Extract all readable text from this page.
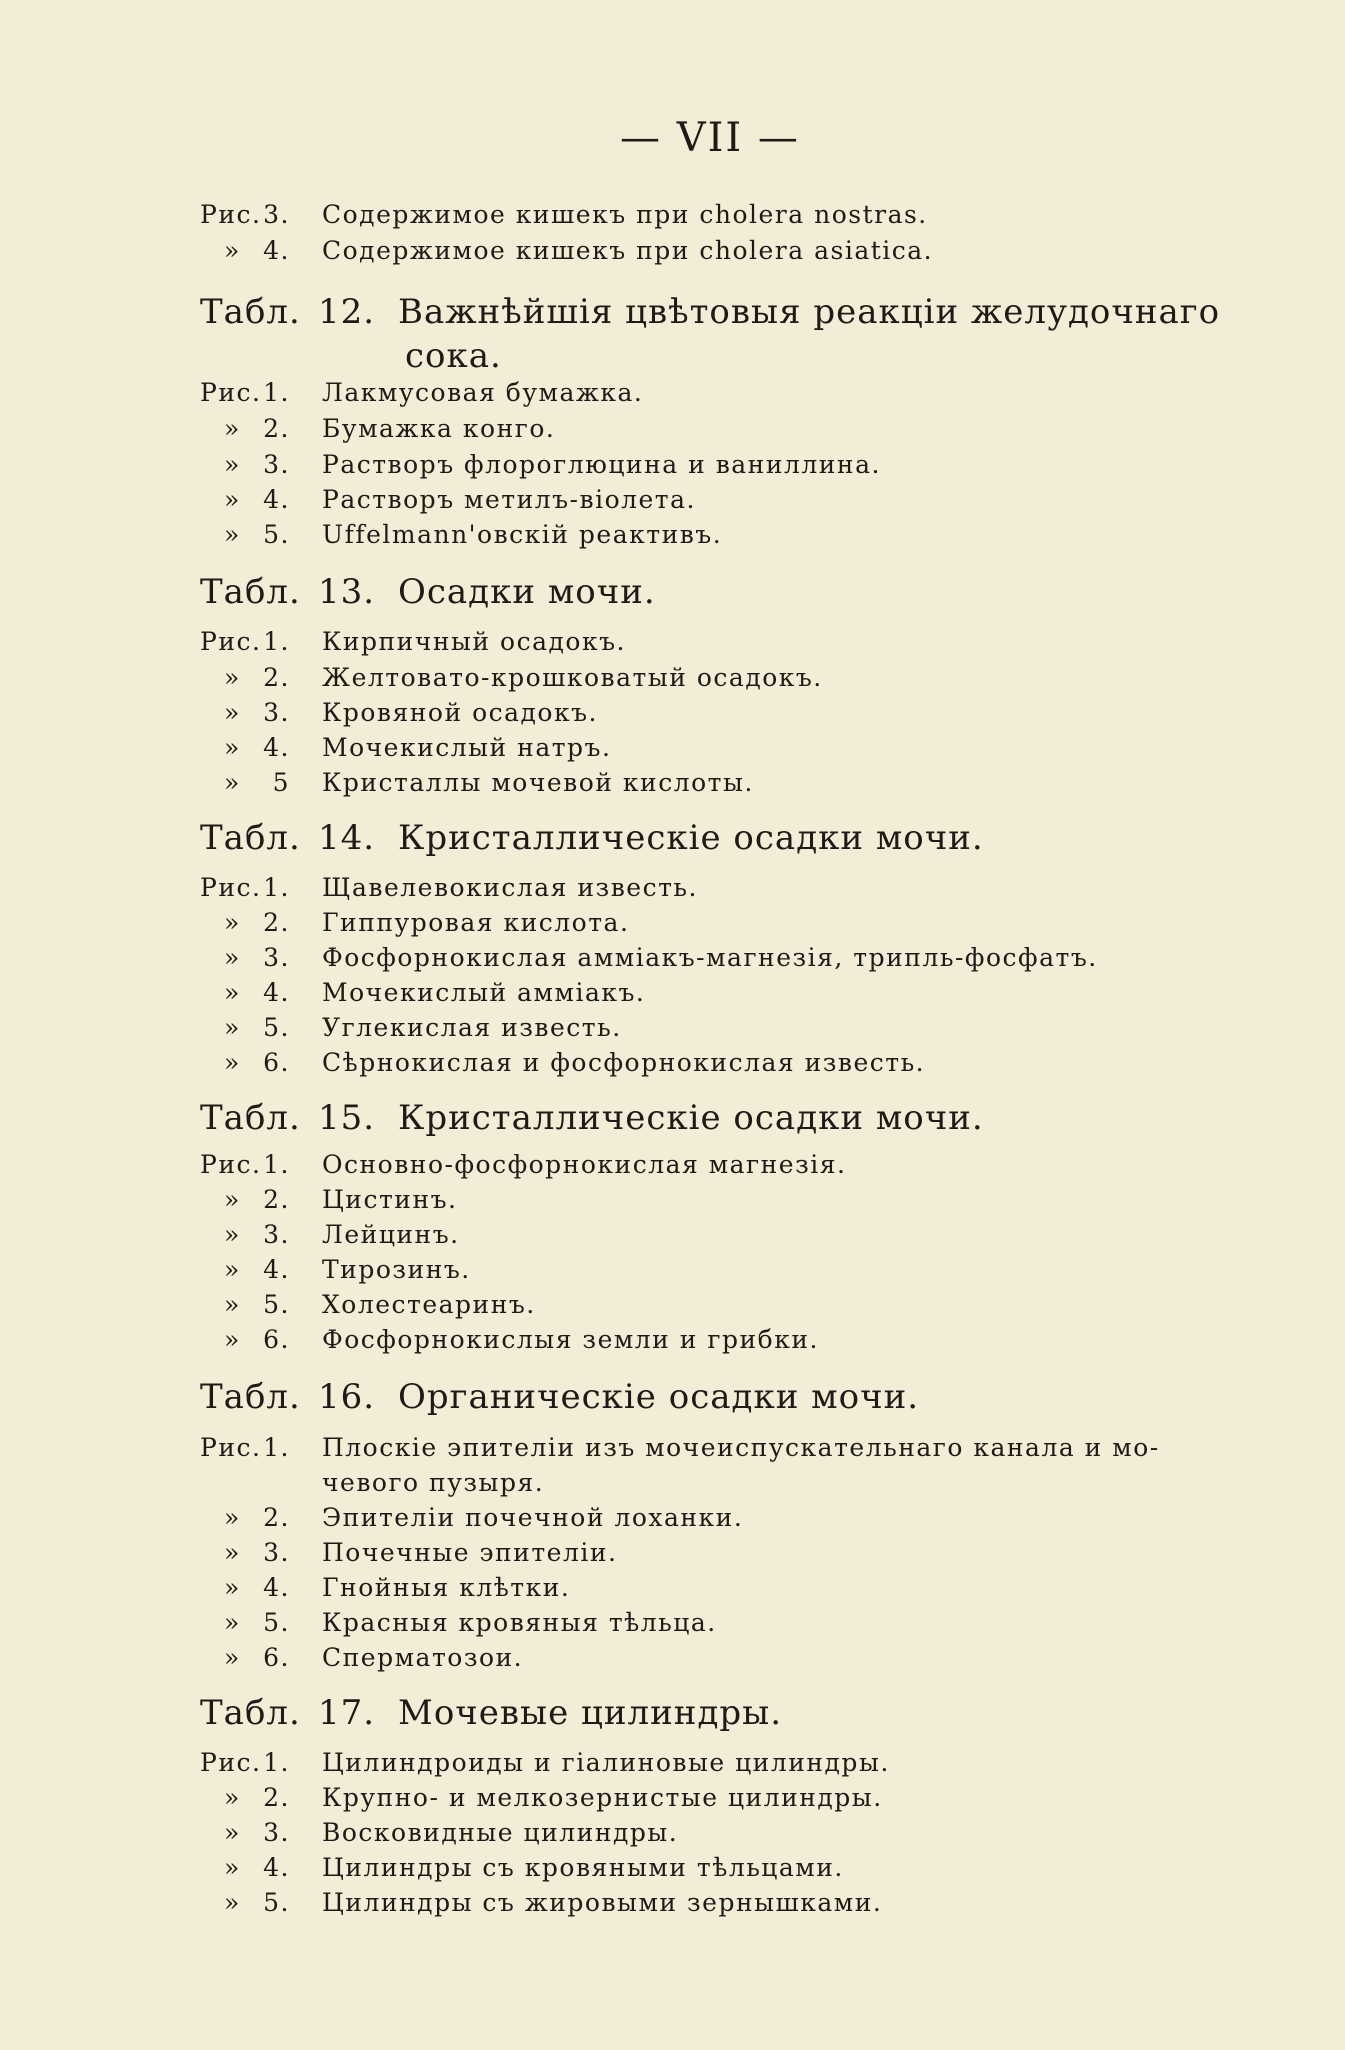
— VII —
Рис. 3. Содержимое кишекъ при cholera nostras.
» 4. Содержимое кишекъ при cholera asiatica.
Табл. 12. Важнѣйшія цвѣтовыя реакціи желудочнаго
сока.
Рис. 1. Лакмусовая бумажка.
» 2. Бумажка конго.
» 3. Растворъ флороглюцина и ваниллина.
» 4. Растворъ метилъ-віолета.
» 5. Uffelmann'овскій реактивъ.
Табл. 13. Осадки мочи.
Рис. 1. Кирпичный осадокъ.
» 2. Желтовато-крошковатый осадокъ.
» 3. Кровяной осадокъ.
» 4. Мочекислый натръ.
»	5 Кристаллы мочевой кислоты.
Табл. 14. Кристаллическіе осадки мочи.
Рис. 1. Щавелевокислая известь.
» 2. Гиппуровая кислота.
» 3. Фосфорнокислая амміакъ-магнезія, трипль-фосфатъ.
» 4. Мочекислый амміакъ.
» 5. Углекислая известь.
» 6. Сѣрнокислая и фосфорнокислая известь.
Табл. 15. Кристаллическіе осадки мочи.
Рис. 1. Основно-фосфорнокислая магнезія.
» 2. Цистинъ.
» 3. Лейцинъ.
» 4. Тирозинъ.
» 5. Холестеаринъ.
» 6. Фосфорнокислыя земли и грибки.
Табл. 16. Органическіе осадки мочи.
Рис. 1. Плоскіе эпителіи изъ мочеиспускательнаго канала и мо-
чевого пузыря.
» 2. Эпителіи почечной лоханки.
» 3. Почечные эпителіи.
» 4. Гнойныя клѣтки.
» 5. Красныя кровяныя тѣльца.
» 6. Сперматозои.
Табл. 17. Мочевые цилиндры.
Рис. 1. Цилиндроиды и гіалиновые цилиндры.
» 2. Крупно- и мелкозернистые цилиндры.
» 3. Восковидные цилиндры.
» 4. Цилиндры съ кровяными тѣльцами.
» 5. Цилиндры съ жировыми зернышками.
